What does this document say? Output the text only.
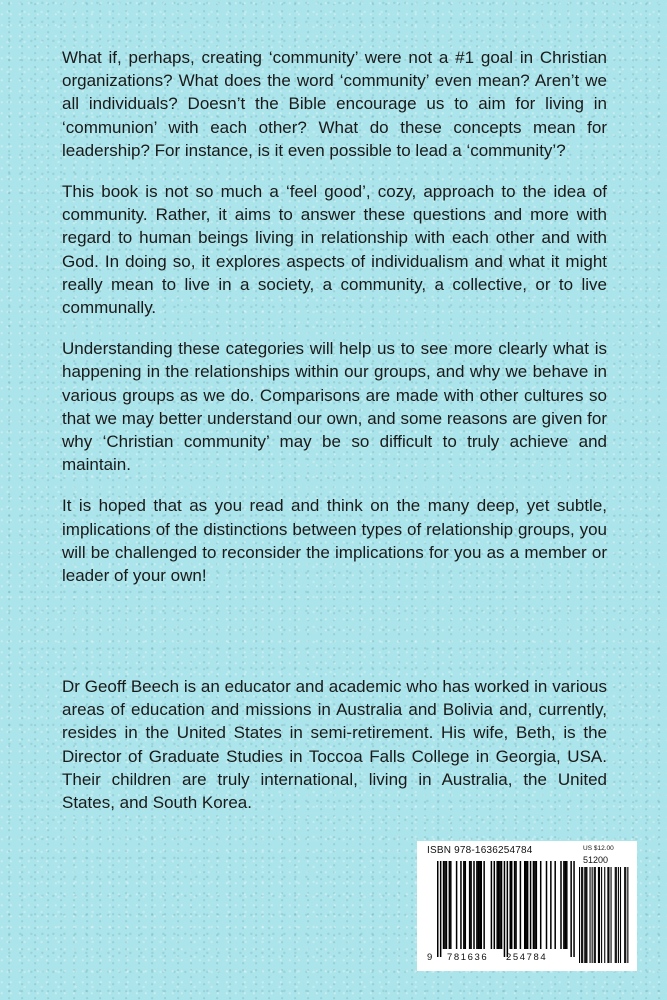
What if, perhaps, creating ‘community’ were not a #1 goal in Christian organizations? What does the word ‘community’ even mean? Aren’t we all individuals? Doesn’t the Bible encourage us to aim for living in ‘communion’ with each other? What do these concepts mean for leadership? For instance, is it even possible to lead a ‘community’?

This book is not so much a ‘feel good’, cozy, approach to the idea of community. Rather, it aims to answer these questions and more with regard to human beings living in relationship with each other and with God. In doing so, it explores aspects of individualism and what it might really mean to live in a society, a community, a collective, or to live communally.

Understanding these categories will help us to see more clearly what is happening in the relationships within our groups, and why we behave in various groups as we do. Comparisons are made with other cultures so that we may better understand our own, and some reasons are given for why ‘Christian community’ may be so difficult to truly achieve and maintain.

It is hoped that as you read and think on the many deep, yet subtle, implications of the distinctions between types of relationship groups, you will be challenged to reconsider the implications for you as a member or leader of your own!

Dr Geoff Beech is an educator and academic who has worked in various areas of education and missions in Australia and Bolivia and, currently, resides in the United States in semi-retirement. His wife, Beth, is the Director of Graduate Studies in Toccoa Falls College in Georgia, USA. Their children are truly international, living in Australia, the United States, and South Korea.

ISBN 978-1636254784	US $12.00
51200
9 781636 254784
